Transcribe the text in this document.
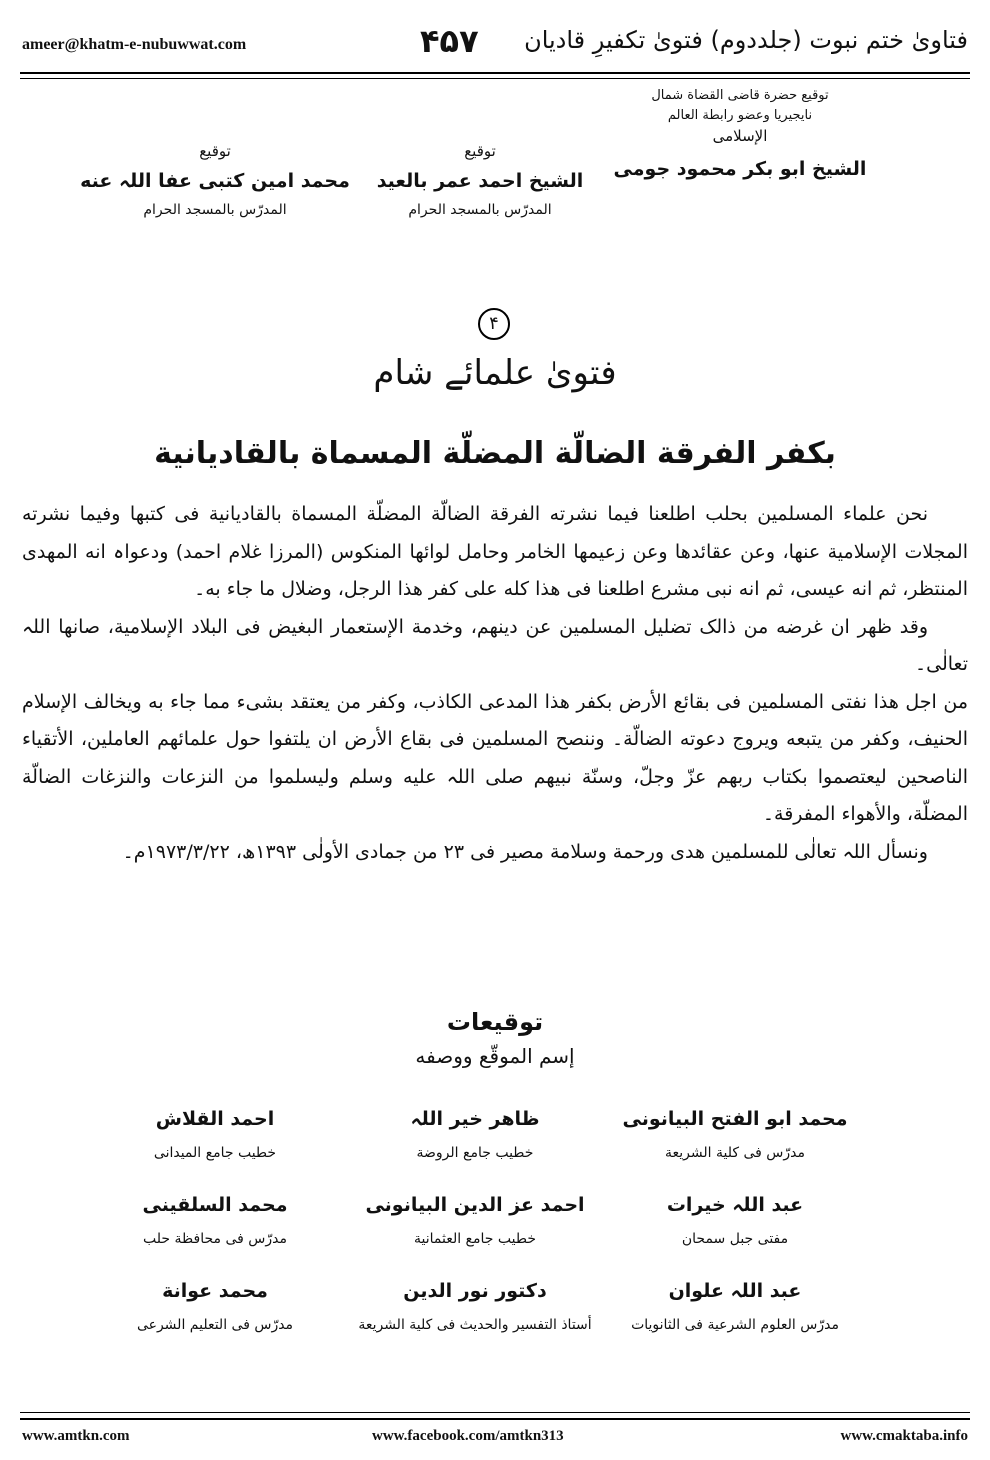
ameer@khatm-e-nubuwwat.com	۴۵۷ فتاویٰ ختم نبوت (جلددوم) فتویٰ تکفیرِ قادیان
توقیع حضرة قاضی القضاة شمال
نایجیریا وعضو رابطة العالم
الإسلامی
الشیخ ابو بکر محمود جومی
توقیع
الشیخ احمد عمر بالعید
المدرّس بالمسجد الحرام
توقیع
محمد امین کتبی عفا اللہ عنه
المدرّس بالمسجد الحرام
۴
فتویٰ علمائے شام
بکفر الفرقة الضالّة المضلّة المسماة بالقادیانیة

نحن علماء المسلمین بحلب اطلعنا فیما نشرته الفرقة الضالّة المضلّة المسماة بالقادیانیة فی کتبها وفیما نشرته المجلات الإسلامیة عنها، وعن عقائدها وعن زعیمها الخامر وحامل لوائها المنکوس (المرزا غلام احمد) ودعواہ انه المهدی المنتظر، ثم انه عیسی، ثم انه نبی مشرع اطلعنا فی هذا کله علی کفر هذا الرجل، وضلال ما جاء به۔

وقد ظهر ان غرضه من ذالک تضلیل المسلمین عن دینهم، وخدمة الإستعمار البغیض فی البلاد الإسلامیة، صانها اللہ تعالٰی۔

من اجل هذا نفتی المسلمین فی بقائع الأرض بکفر هذا المدعی الکاذب، وکفر من یعتقد بشیء مما جاء به ویخالف الإسلام الحنیف، وکفر من یتبعه ویروج دعوته الضالّة۔ وننصح المسلمین فی بقاع الأرض ان یلتفوا حول علمائهم العاملین، الأتقیاء الناصحین لیعتصموا بکتاب ربهم عزّ وجلّ، وسنّة نبیهم صلی اللہ علیه وسلم ولیسلموا من النزعات والنزغات الضالّة المضلّة، والأهواء المفرقة۔

ونسأل اللہ تعالٰی للمسلمین هدی ورحمة وسلامة مصیر فی ۲۳ من جمادی الأولٰی ۱۳۹۳ھ، ۱۹۷۳/۳/۲۲م۔

توقیعات
إسم الموقّع ووصفه
محمد ابو الفتح البیانونی
مدرّس فی کلیة الشریعة
ظاهر خیر اللہ
خطیب جامع الروضة
احمد القلاش
خطیب جامع المیدانی
عبد اللہ خیرات
مفتی جبل سمحان
احمد عز الدین البیانونی
خطیب جامع العثمانیة
محمد السلقینی
مدرّس فی محافظة حلب
عبد اللہ علوان
مدرّس العلوم الشرعیة فی الثانویات
دکتور نور الدین
أستاذ التفسیر والحدیث فی کلیة الشریعة
محمد عوانة
مدرّس فی التعلیم الشرعی
www.amtkn.com	www.facebook.com/amtkn313	www.cmaktaba.info
